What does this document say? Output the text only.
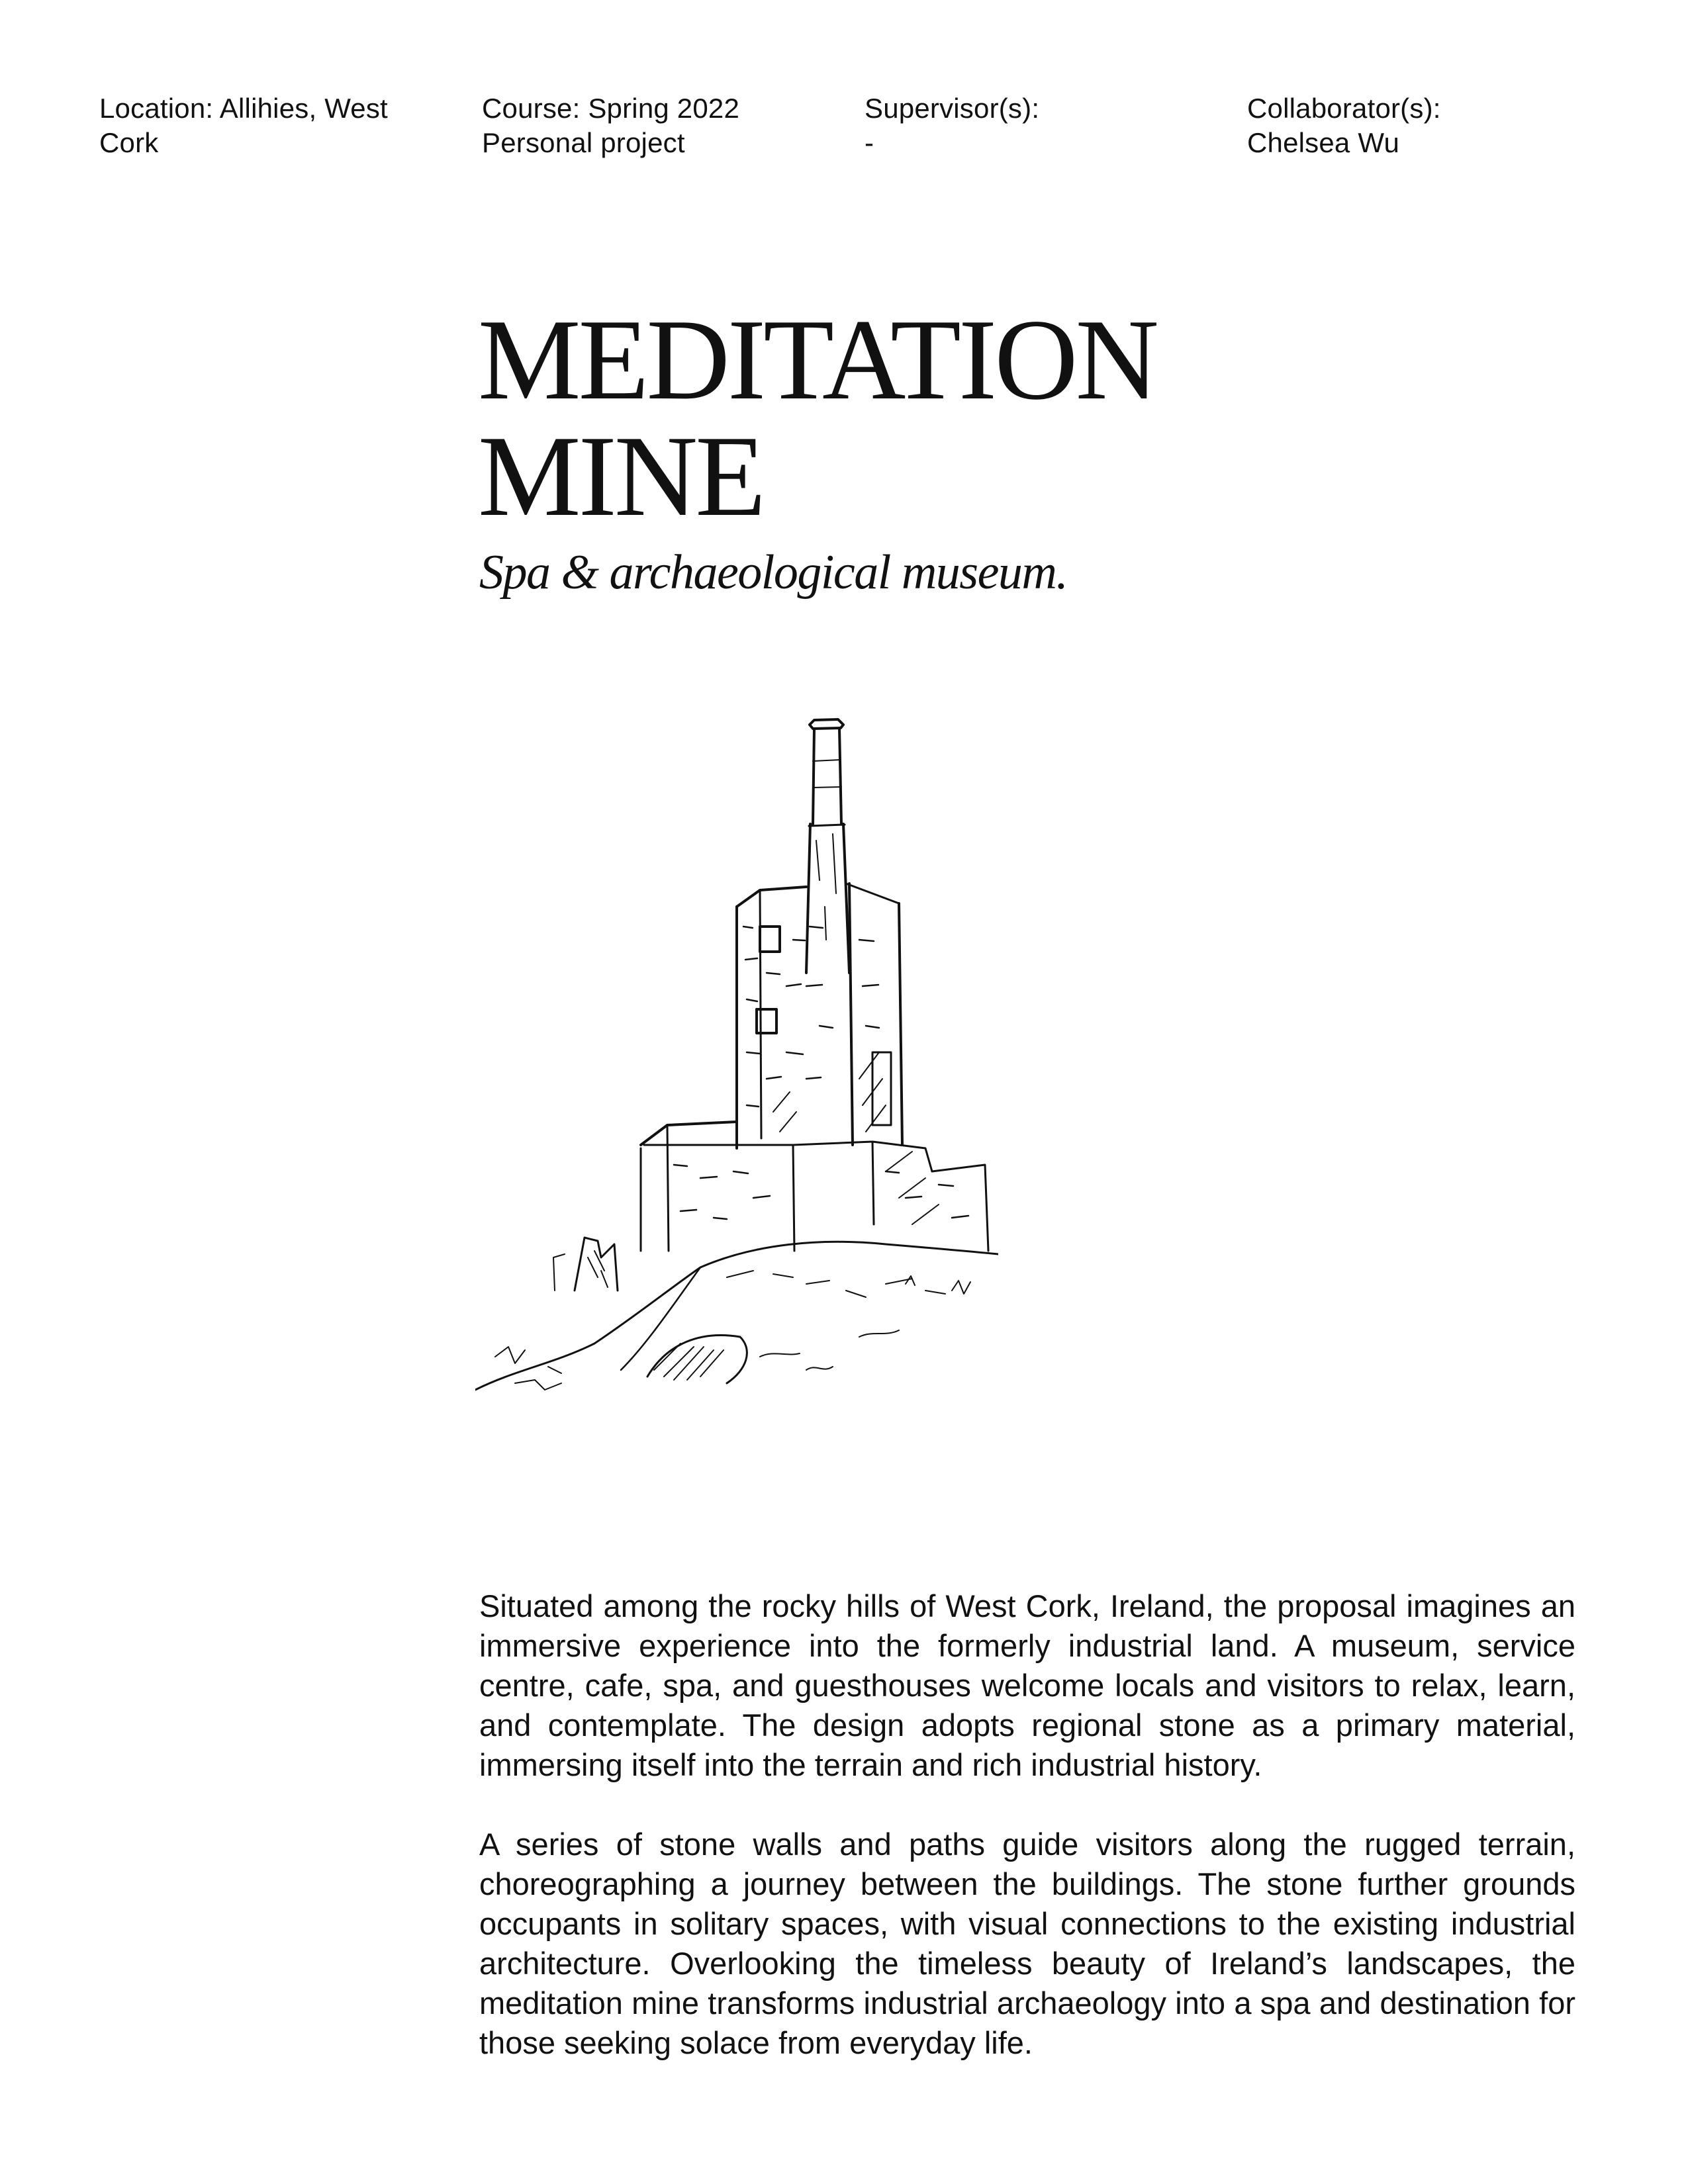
Location: Allihies, West
Cork
Course: Spring 2022
Personal project
Supervisor(s):
-
Collaborator(s):
Chelsea Wu
MEDITATION
MINE

Spa & archaeological museum.

Situated among the rocky hills of West Cork, Ireland, the proposal imagines an immersive experience into the formerly industrial land. A museum, service centre, cafe, spa, and guesthouses welcome locals and visitors to relax, learn, and contemplate. The design adopts regional stone as a primary material, immersing itself into the terrain and rich industrial history.

A series of stone walls and paths guide visitors along the rugged terrain, choreographing a journey between the buildings. The stone further grounds occupants in solitary spaces, with visual connections to the existing industrial architecture. Overlooking the timeless beauty of Ireland’s landscapes, the meditation mine transforms industrial archaeology into a spa and destination for those seeking solace from everyday life.
